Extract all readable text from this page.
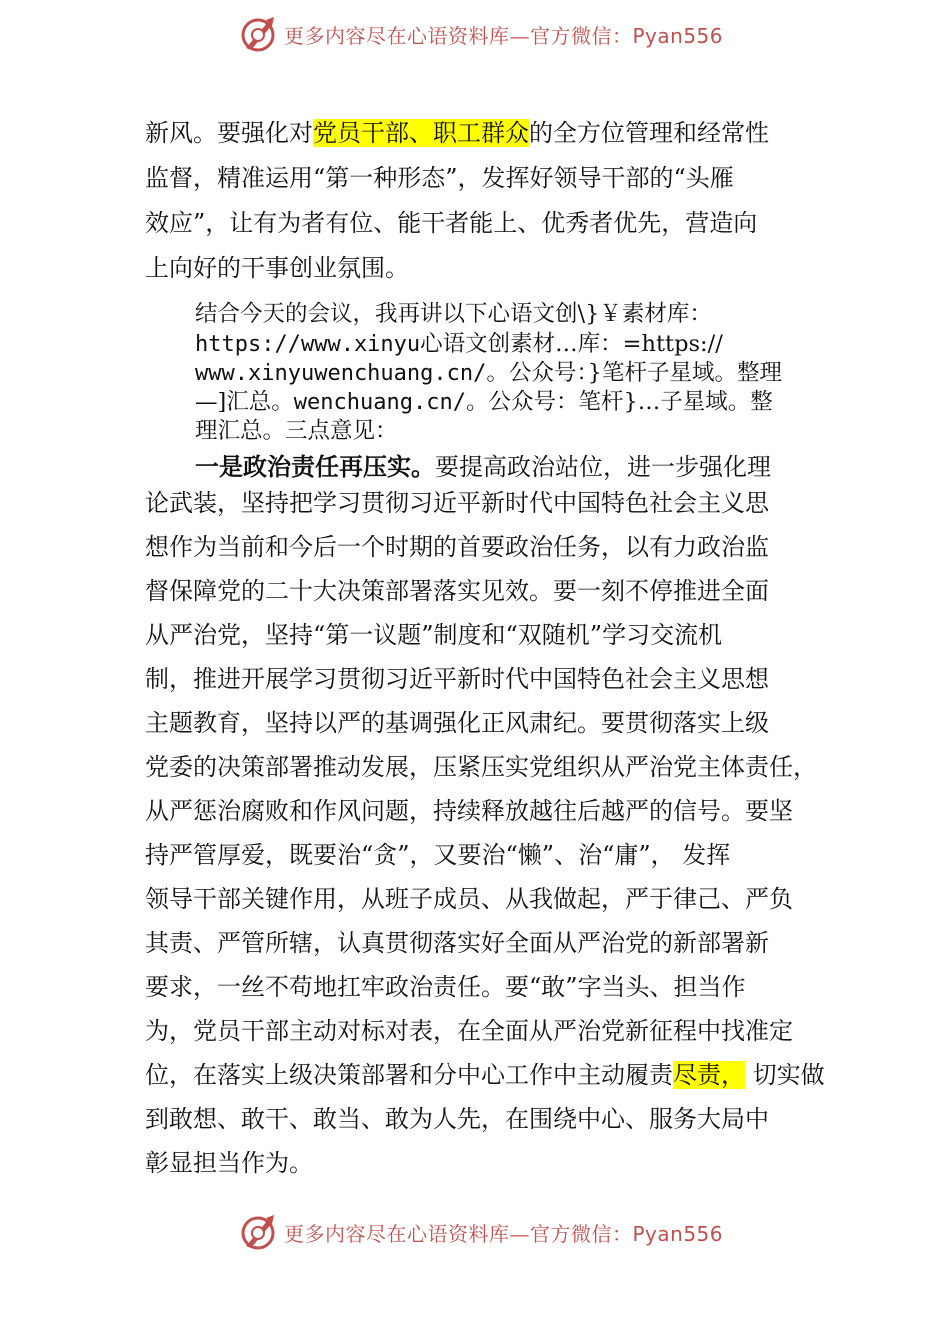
更多内容尽在心语资料库—官方微信：Pyan556
新风。要强化对党员干部、职工群众的全方位管理和经常性
监督，精准运用“第一种形态”，发挥好领导干部的“头雁
效应”，让有为者有位、能干者能上、优秀者优先，营造向
上向好的干事创业氛围。
结合今天的会议，我再讲以下心语文创\}￥素材库：
https://www.xinyu心语文创素材…库：=https://
www.xinyuwenchuang.cn/。公众号：}笔杆子星域。整理
—]汇总。wenchuang.cn/。公众号：笔杆}…子星域。整
理汇总。三点意见：
一是政治责任再压实。要提高政治站位，进一步强化理
论武装，坚持把学习贯彻习近平新时代中国特色社会主义思
想作为当前和今后一个时期的首要政治任务，以有力政治监
督保障党的二十大决策部署落实见效。要一刻不停推进全面
从严治党，坚持“第一议题”制度和“双随机”学习交流机
制，推进开展学习贯彻习近平新时代中国特色社会主义思想
主题教育，坚持以严的基调强化正风肃纪。要贯彻落实上级
党委的决策部署推动发展，压紧压实党组织从严治党主体责任，
从严惩治腐败和作风问题，持续释放越往后越严的信号。要坚
持严管厚爱，既要治“贪”，又要治“懒”、治“庸”， 发挥
领导干部关键作用，从班子成员、从我做起，严于律己、严负
其责、严管所辖，认真贯彻落实好全面从严治党的新部署新
要求，一丝不苟地扛牢政治责任。要“敢”字当头、担当作
为，党员干部主动对标对表，在全面从严治党新征程中找准定
位，在落实上级决策部署和分中心工作中主动履责尽责， 切实做
到敢想、敢干、敢当、敢为人先，在围绕中心、服务大局中
彰显担当作为。
更多内容尽在心语资料库—官方微信：Pyan556
